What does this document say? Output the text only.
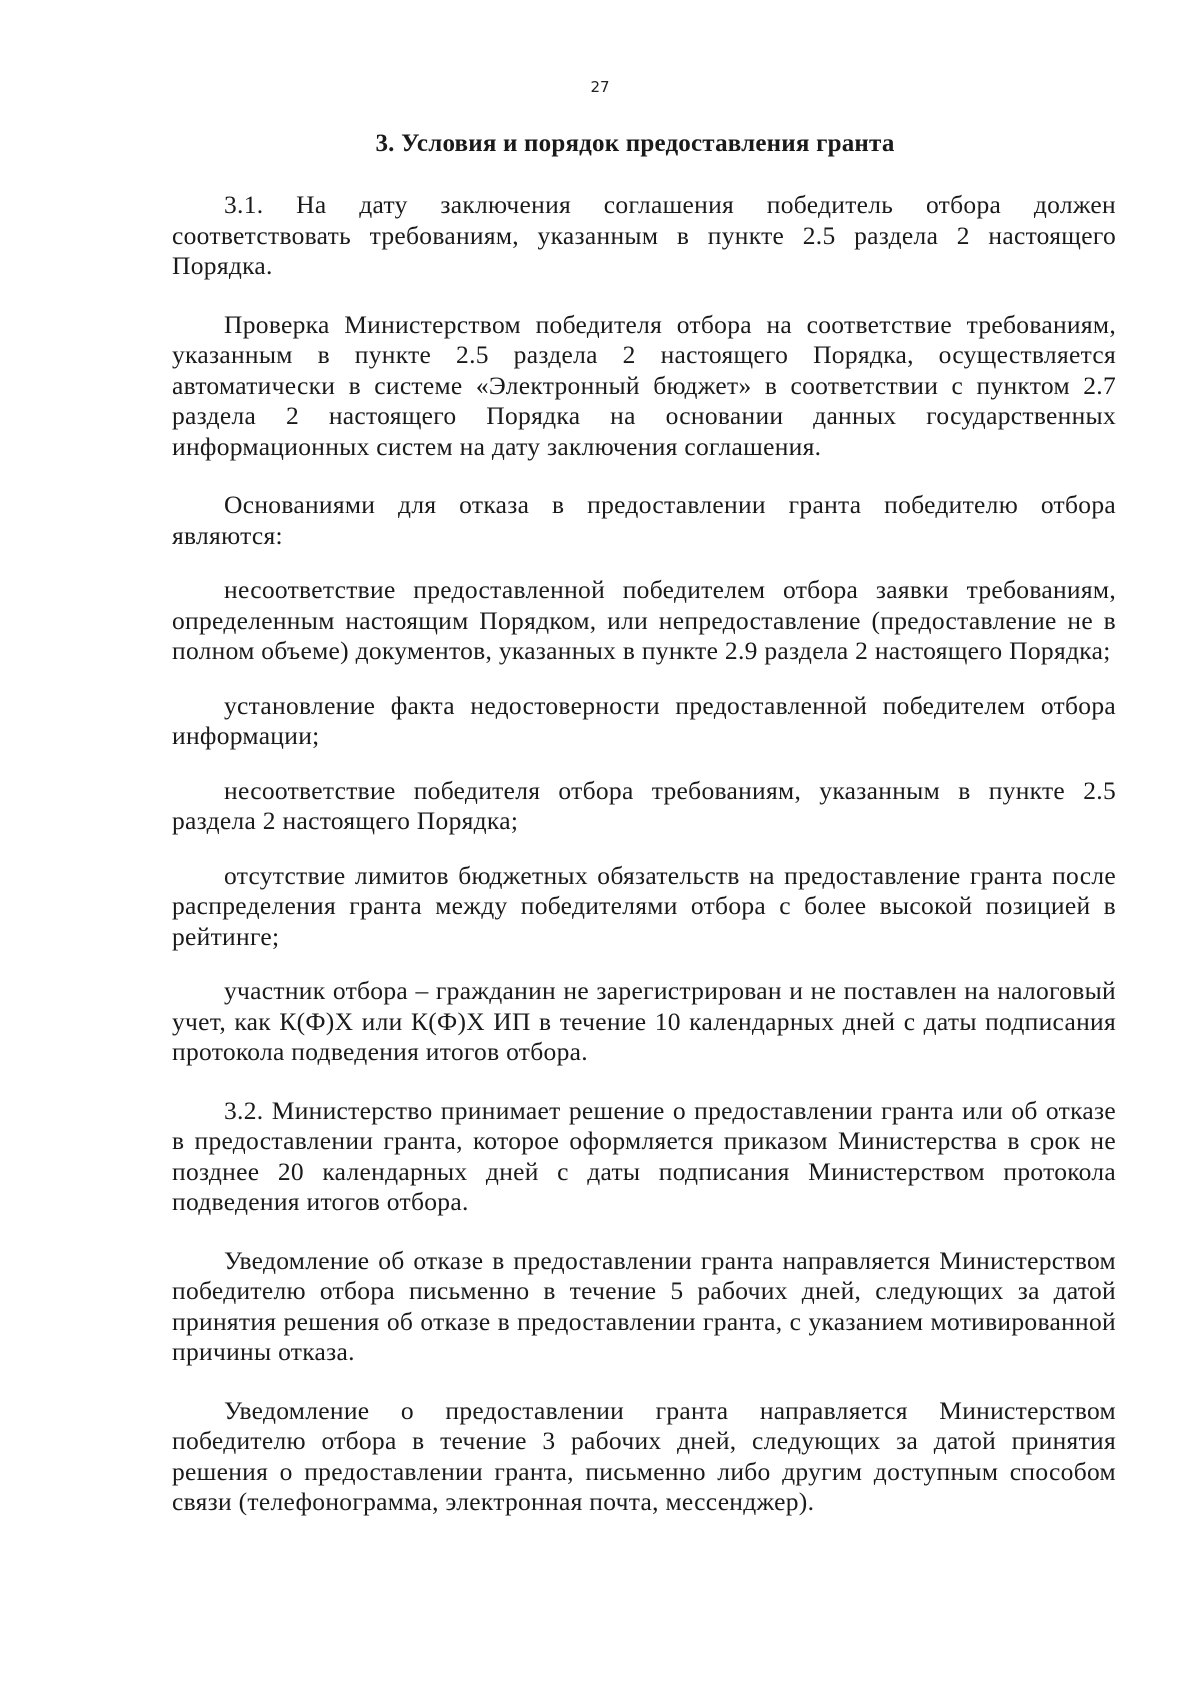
27
3. Условия и порядок предоставления гранта

3.1. На дату заключения соглашения победитель отбора должен соответствовать требованиям, указанным в пункте 2.5 раздела 2 настоящего Порядка.

Проверка Министерством победителя отбора на соответствие требованиям, указанным в пункте 2.5 раздела 2 настоящего Порядка, осуществляется автоматически в системе «Электронный бюджет» в соответствии с пунктом 2.7 раздела 2 настоящего Порядка на основании данных государственных информационных систем на дату заключения соглашения.

Основаниями для отказа в предоставлении гранта победителю отбора являются:

несоответствие предоставленной победителем отбора заявки требованиям, определенным настоящим Порядком, или непредоставление (предоставление не в полном объеме) документов, указанных в пункте 2.9 раздела 2 настоящего Порядка;

установление факта недостоверности предоставленной победителем отбора информации;

несоответствие победителя отбора требованиям, указанным в пункте 2.5 раздела 2 настоящего Порядка;

отсутствие лимитов бюджетных обязательств на предоставление гранта после распределения гранта между победителями отбора с более высокой позицией в рейтинге;

участник отбора – гражданин не зарегистрирован и не поставлен на налоговый учет, как К(Ф)Х или К(Ф)Х ИП в течение 10 календарных дней с даты подписания протокола подведения итогов отбора.

3.2. Министерство принимает решение о предоставлении гранта или об отказе в предоставлении гранта, которое оформляется приказом Министерства в срок не позднее 20 календарных дней с даты подписания Министерством протокола подведения итогов отбора.

Уведомление об отказе в предоставлении гранта направляется Министерством победителю отбора письменно в течение 5 рабочих дней, следующих за датой принятия решения об отказе в предоставлении гранта, с указанием мотивированной причины отказа.

Уведомление о предоставлении гранта направляется Министерством победителю отбора в течение 3 рабочих дней, следующих за датой принятия решения о предоставлении гранта, письменно либо другим доступным способом связи (телефонограмма, электронная почта, мессенджер).
